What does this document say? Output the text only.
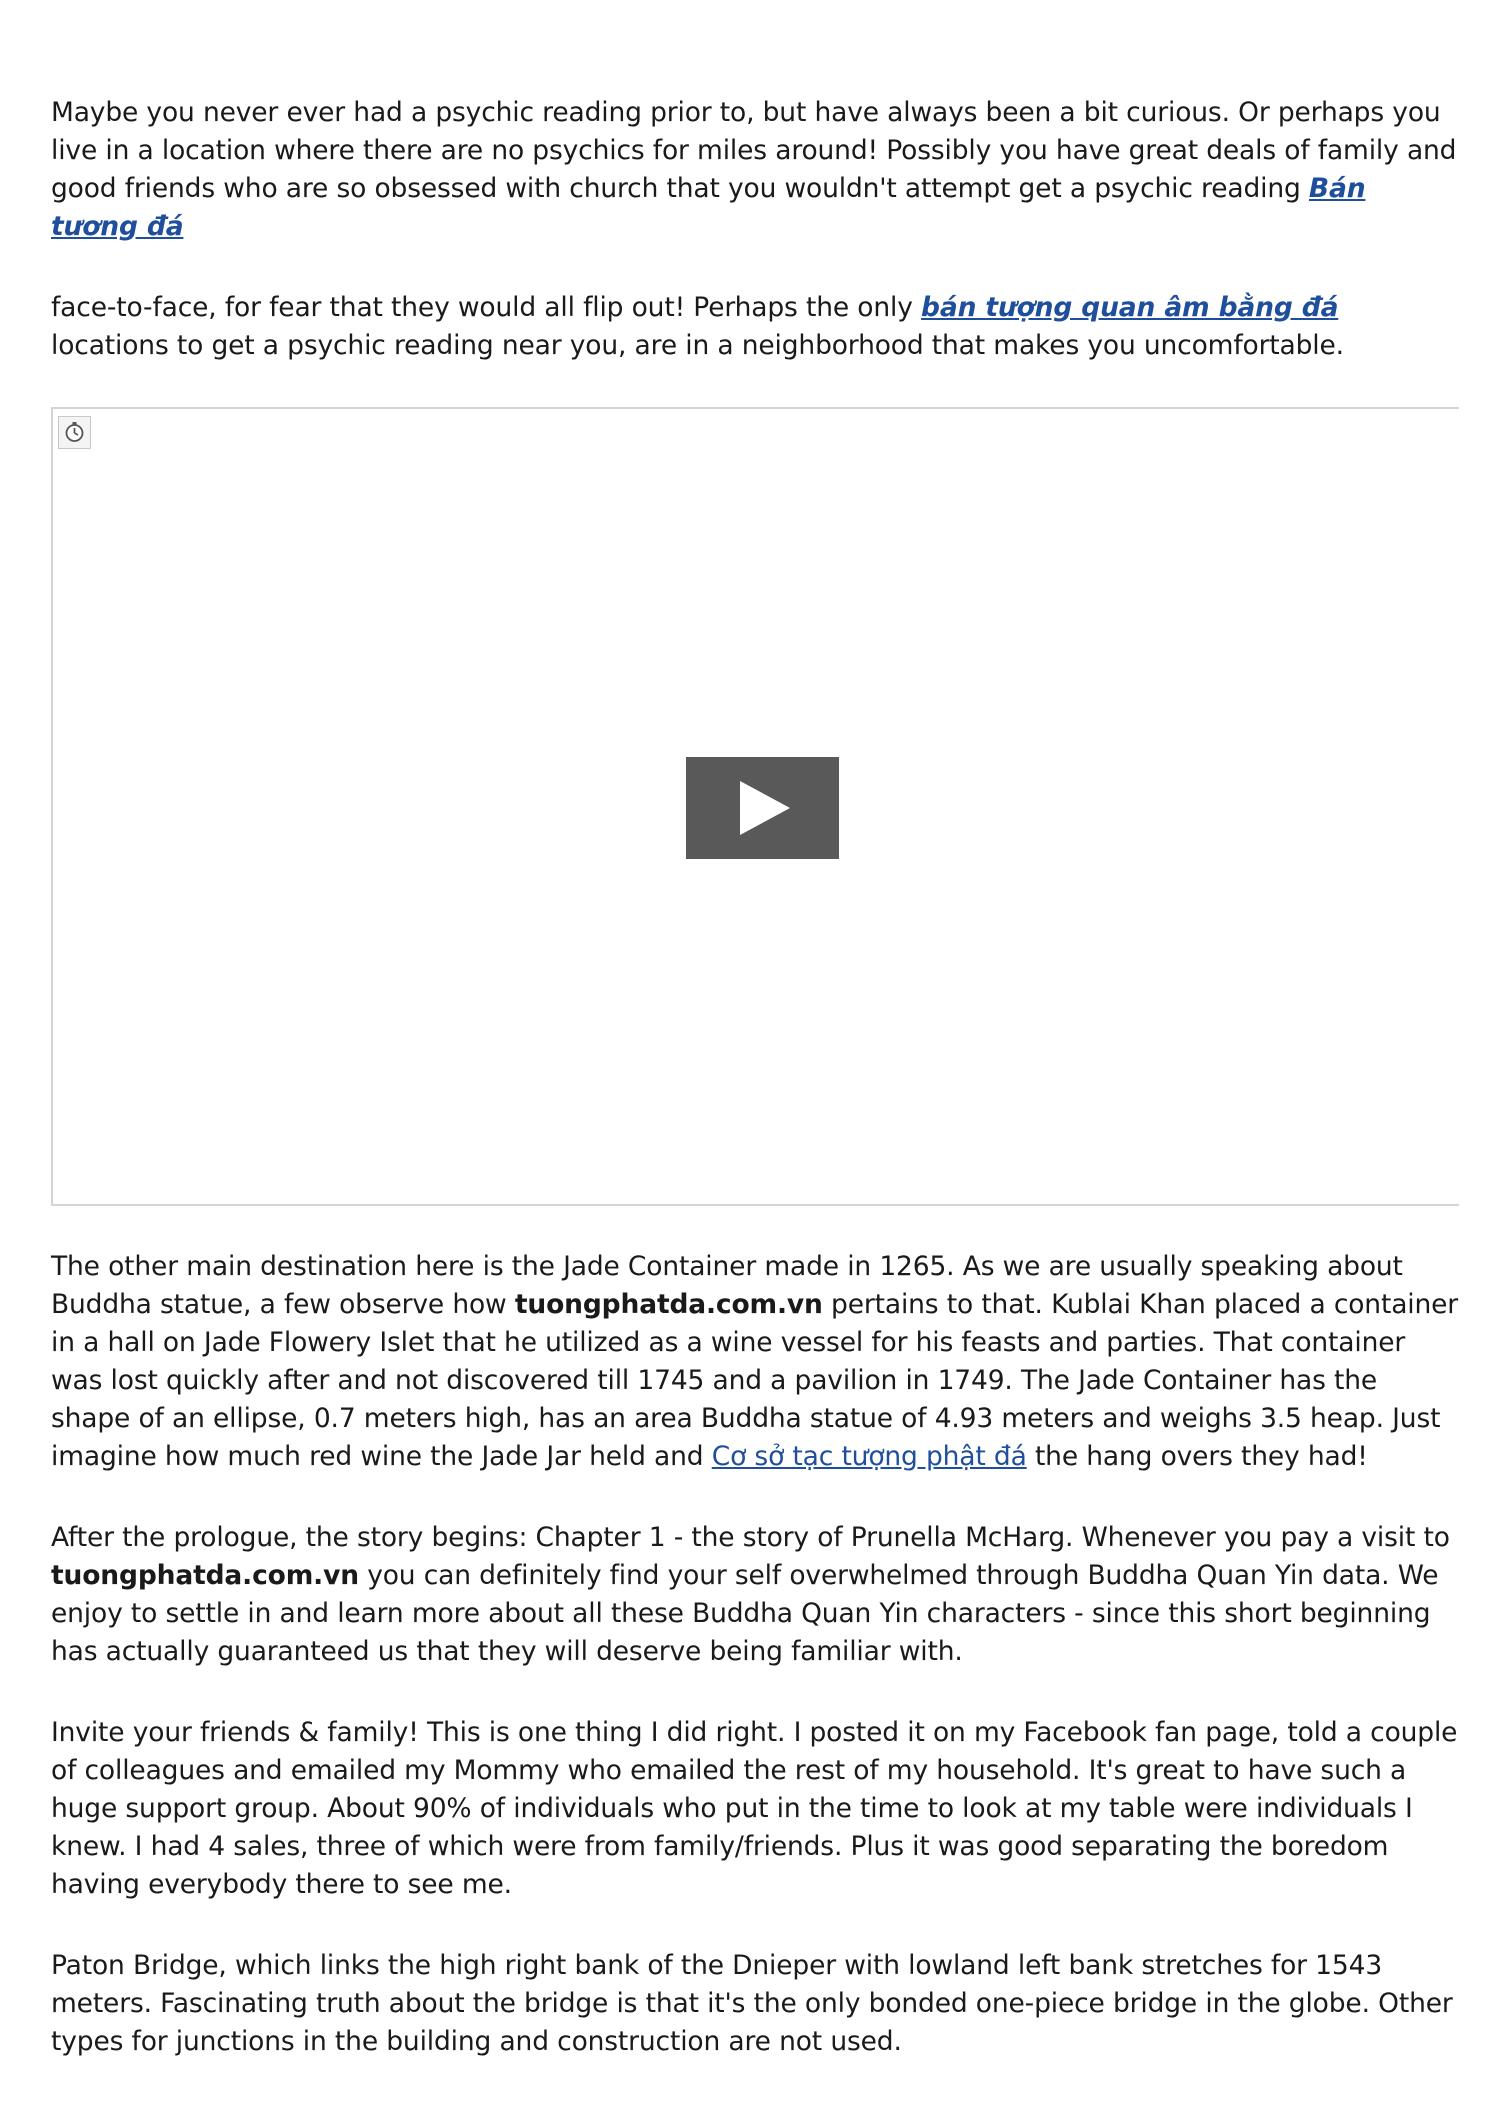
Maybe you never ever had a psychic reading prior to, but have always been a bit curious. Or perhaps you live in a location where there are no psychics for miles around! Possibly you have great deals of family and good friends who are so obsessed with church that you wouldn't attempt get a psychic reading Bán tương đá

face-to-face, for fear that they would all flip out! Perhaps the only bán tượng quan âm bằng đá locations to get a psychic reading near you, are in a neighborhood that makes you uncomfortable.

The other main destination here is the Jade Container made in 1265. As we are usually speaking about Buddha statue, a few observe how tuongphatda.com.vn pertains to that. Kublai Khan placed a container in a hall on Jade Flowery Islet that he utilized as a wine vessel for his feasts and parties. That container was lost quickly after and not discovered till 1745 and a pavilion in 1749. The Jade Container has the shape of an ellipse, 0.7 meters high, has an area Buddha statue of 4.93 meters and weighs 3.5 heap. Just imagine how much red wine the Jade Jar held and Cơ sở tạc tượng phật đá the hang overs they had!

After the prologue, the story begins: Chapter 1 - the story of Prunella McHarg. Whenever you pay a visit to tuongphatda.com.vn you can definitely find your self overwhelmed through Buddha Quan Yin data. We enjoy to settle in and learn more about all these Buddha Quan Yin characters - since this short beginning has actually guaranteed us that they will deserve being familiar with.

Invite your friends & family! This is one thing I did right. I posted it on my Facebook fan page, told a couple of colleagues and emailed my Mommy who emailed the rest of my household. It's great to have such a huge support group. About 90% of individuals who put in the time to look at my table were individuals I knew. I had 4 sales, three of which were from family/friends. Plus it was good separating the boredom having everybody there to see me.

Paton Bridge, which links the high right bank of the Dnieper with lowland left bank stretches for 1543 meters. Fascinating truth about the bridge is that it's the only bonded one-piece bridge in the globe. Other types for junctions in the building and construction are not used.
